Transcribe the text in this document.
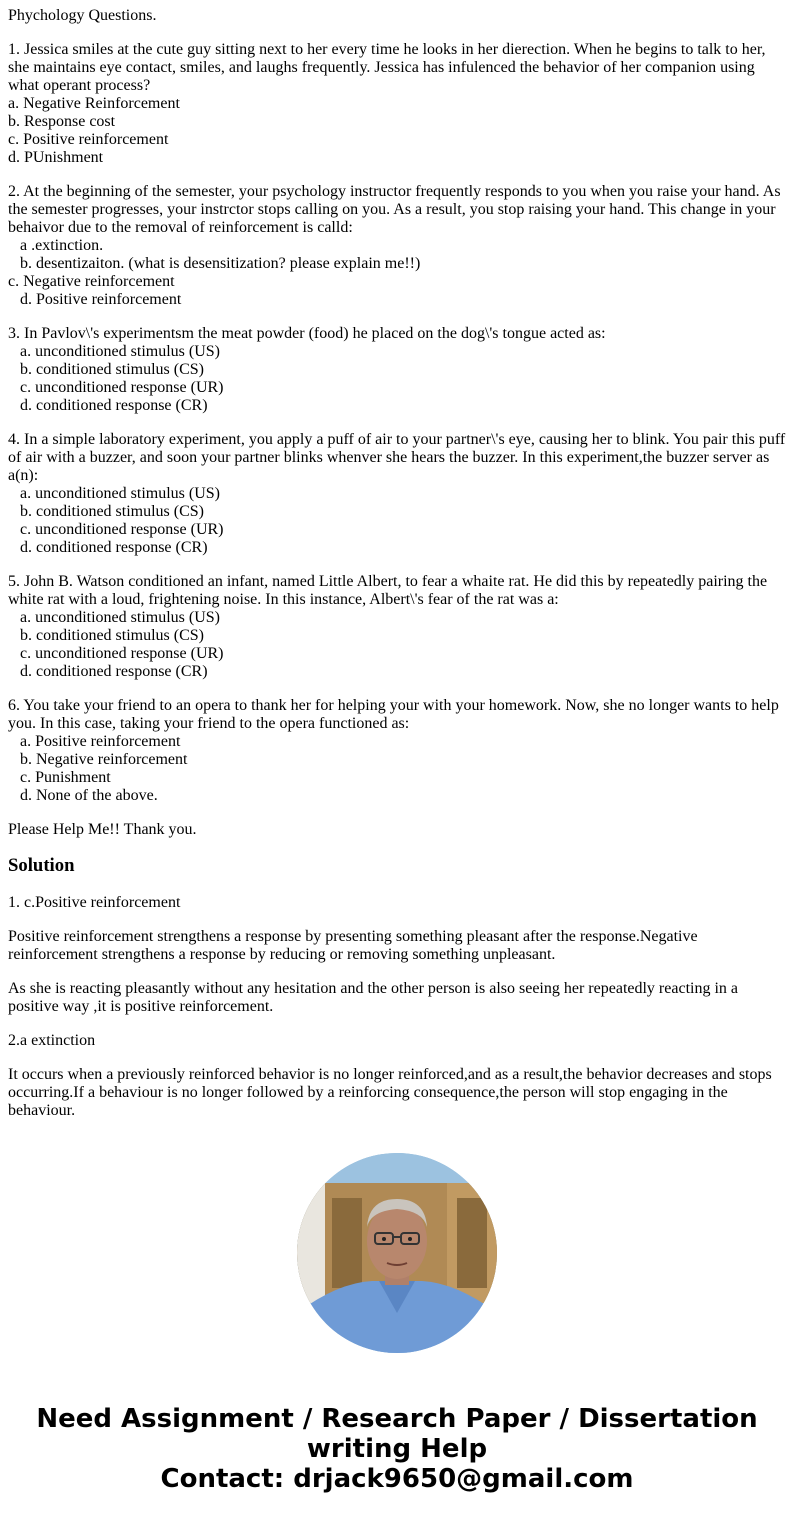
Phychology Questions.
1. Jessica smiles at the cute guy sitting next to her every time he looks in her dierection. When he begins to talk to her, she maintains eye contact, smiles, and laughs frequently. Jessica has infulenced the behavior of her companion using what operant process?
a. Negative Reinforcement
b. Response cost
c. Positive reinforcement
d. PUnishment
2. At the beginning of the semester, your psychology instructor frequently responds to you when you raise your hand. As the semester progresses, your instrctor stops calling on you. As a result, you stop raising your hand. This change in your behaivor due to the removal of reinforcement is calld:
a .extinction.
b. desentizaiton. (what is desensitization? please explain me!!)
c. Negative reinforcement
d. Positive reinforcement
3. In Pavlov\'s experimentsm the meat powder (food) he placed on the dog\'s tongue acted as:
a. unconditioned stimulus (US)
b. conditioned stimulus (CS)
c. unconditioned response (UR)
d. conditioned response (CR)
4. In a simple laboratory experiment, you apply a puff of air to your partner\'s eye, causing her to blink. You pair this puff of air with a buzzer, and soon your partner blinks whenver she hears the buzzer. In this experiment,the buzzer server as a(n):
a. unconditioned stimulus (US)
b. conditioned stimulus (CS)
c. unconditioned response (UR)
d. conditioned response (CR)
5. John B. Watson conditioned an infant, named Little Albert, to fear a whaite rat. He did this by repeatedly pairing the white rat with a loud, frightening noise. In this instance, Albert\'s fear of the rat was a:
a. unconditioned stimulus (US)
b. conditioned stimulus (CS)
c. unconditioned response (UR)
d. conditioned response (CR)
6. You take your friend to an opera to thank her for helping your with your homework. Now, she no longer wants to help you. In this case, taking your friend to the opera functioned as:
a. Positive reinforcement
b. Negative reinforcement
c. Punishment
d. None of the above.
Please Help Me!! Thank you.
Solution
1. c.Positive reinforcement
Positive reinforcement strengthens a response by presenting something pleasant after the response.Negative reinforcement strengthens a response by reducing or removing something unpleasant.
As she is reacting pleasantly without any hesitation and the other person is also seeing her repeatedly reacting in a positive way ,it is positive reinforcement.
2.a extinction
It occurs when a previously reinforced behavior is no longer reinforced,and as a result,the behavior decreases and stops occurring.If a behaviour is no longer followed by a reinforcing consequence,the person will stop engaging in the behaviour.
Need Assignment / Research Paper / Dissertation
writing Help
Contact: drjack9650@gmail.com
